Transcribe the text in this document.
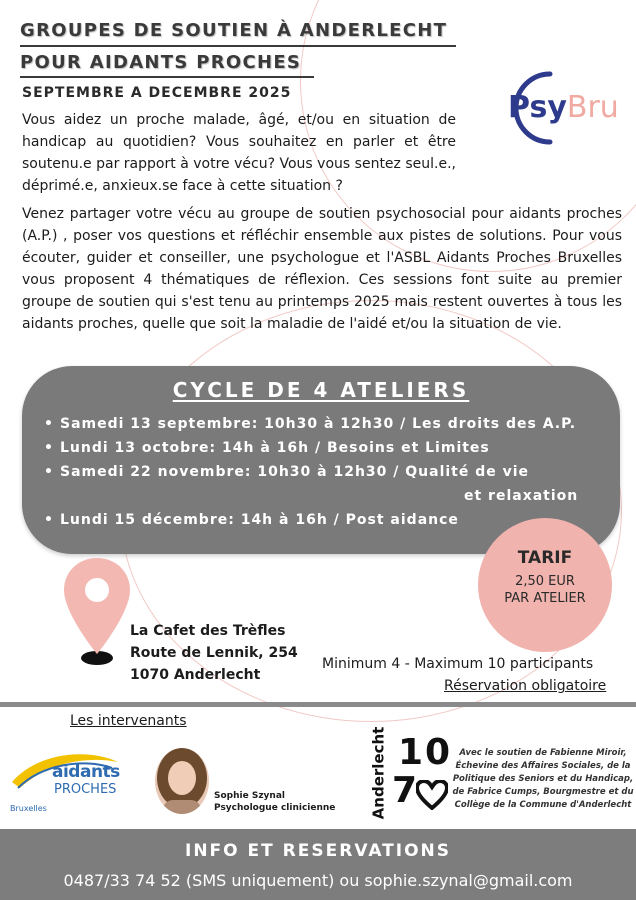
GROUPES DE SOUTIEN À ANDERLECHT
POUR AIDANTS PROCHES
SEPTEMBRE A DECEMBRE 2025	PsyBru
Vous aidez un proche malade, âgé, et/ou en situation de handicap au quotidien? Vous souhaitez en parler et être soutenu.e par rapport à votre vécu? Vous vous sentez seul.e., déprimé.e, anxieux.se face à cette situation ?
Venez partager votre vécu au groupe de soutien psychosocial pour aidants proches (A.P.) , poser vos questions et réfléchir ensemble aux pistes de solutions. Pour vous écouter, guider et conseiller, une psychologue et l'ASBL Aidants Proches Bruxelles vous proposent 4 thématiques de réflexion. Ces sessions font suite au premier groupe de soutien qui s'est tenu au printemps 2025 mais restent ouvertes à tous les aidants proches, quelle que soit la maladie de l'aidé et/ou la situation de vie.
CYCLE DE 4 ATELIERS
• Samedi 13 septembre: 10h30 à 12h30 / Les droits des A.P.
• Lundi 13 octobre: 14h à 16h / Besoins et Limites
• Samedi 22 novembre: 10h30 à 12h30 / Qualité de vie
et relaxation
• Lundi 15 décembre: 14h à 16h / Post aidance
TARIF
2,50 EUR
PAR ATELIER
La Cafet des Trèfles
Route de Lennik, 254
1070 Anderlecht
Minimum 4 - Maximum 10 participants
Réservation obligatoire
Les intervenants
aidants
PROCHES
Bruxelles
Sophie Szynal
Psychologue clinicienne Anderlecht 10
7
Avec le soutien de Fabienne Miroir, Échevine des Affaires Sociales, de la Politique des Seniors et du Handicap, de Fabrice Cumps, Bourgmestre et du Collège de la Commune d'Anderlecht
INFO ET RESERVATIONS
0487/33 74 52 (SMS uniquement) ou sophie.szynal@gmail.com
